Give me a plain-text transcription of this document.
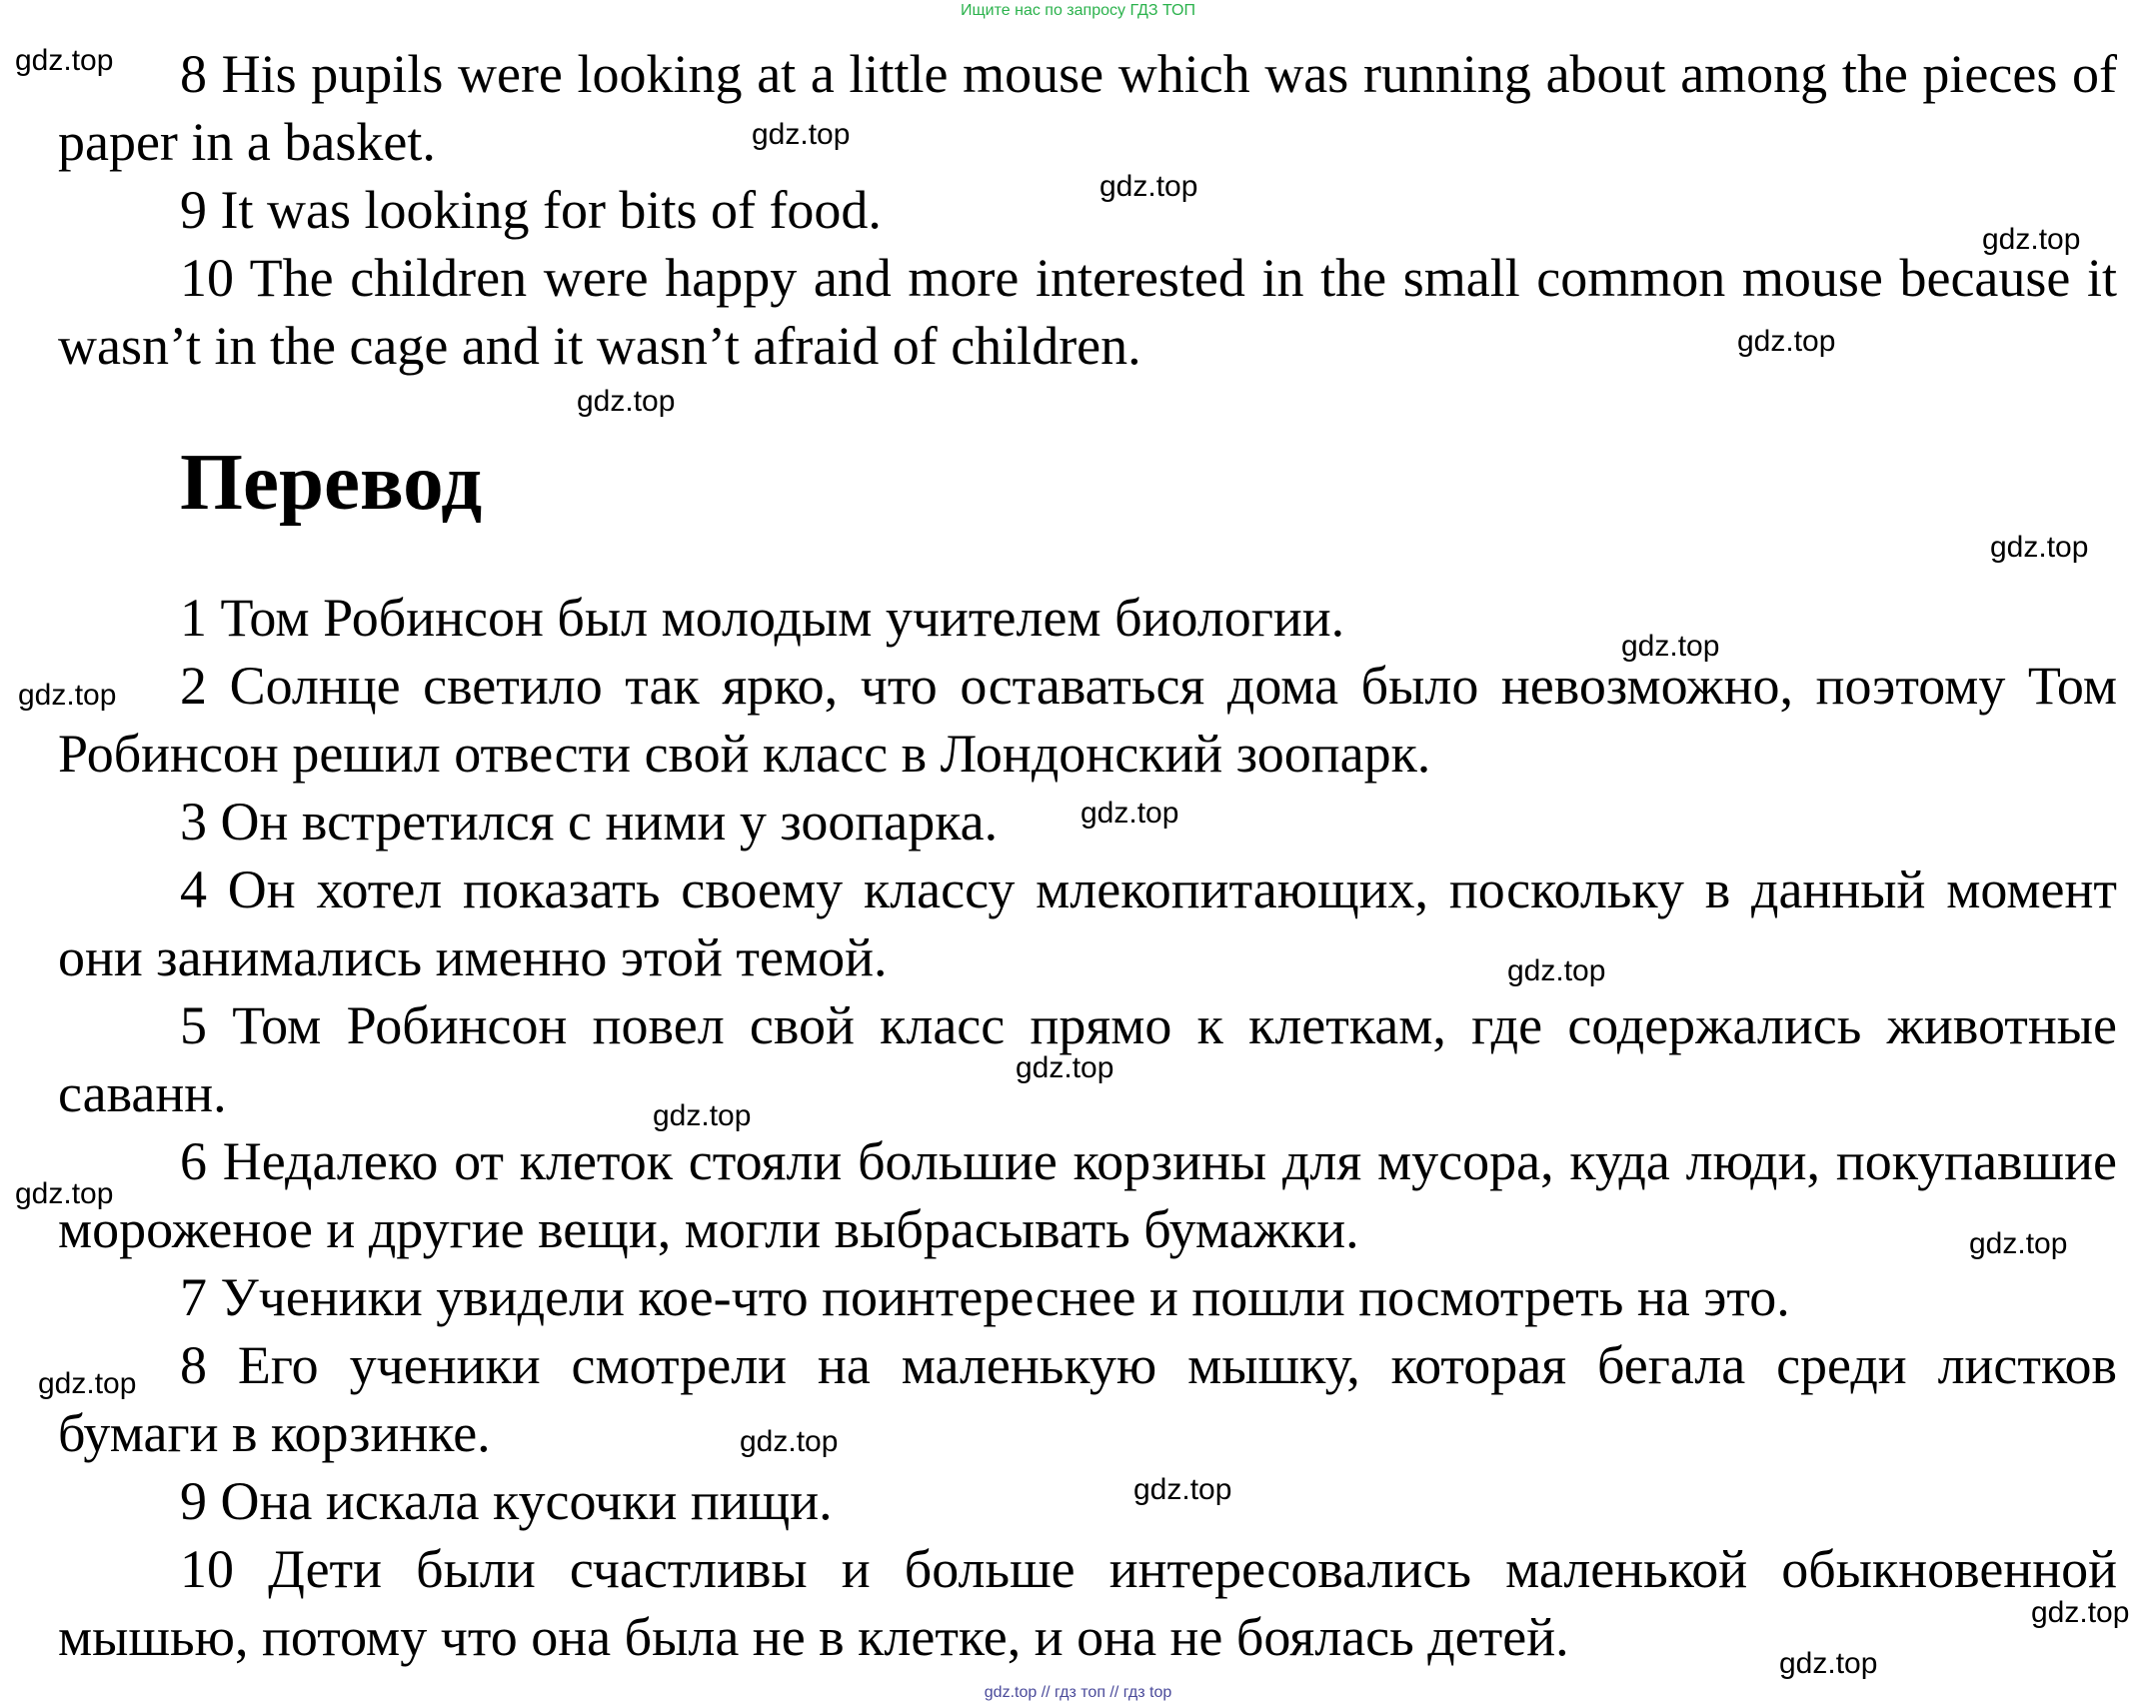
Ищите нас по запросу ГДЗ ТОП

8 His pupils were looking at a little mouse which was running about among the pieces of paper in a basket.

9 It was looking for bits of food.

10 The children were happy and more interested in the small common mouse because it wasn’t in the cage and it wasn’t afraid of children.

Перевод

1 Том Робинсон был молодым учителем биологии.

2 Солнце светило так ярко, что оставаться дома было невозможно, поэтому Том Робинсон решил отвести свой класс в Лондонский зоопарк.

3 Он встретился с ними у зоопарка.

4 Он хотел показать своему классу млекопитающих, поскольку в данный момент они занимались именно этой темой.

5 Том Робинсон повел свой класс прямо к клеткам, где содержались животные саванн.

6 Недалеко от клеток стояли большие корзины для мусора, куда люди, покупавшие мороженое и другие вещи, могли выбрасывать бумажки.

7 Ученики увидели кое-что поинтереснее и пошли посмотреть на это.

8 Его ученики смотрели на маленькую мышку, которая бегала среди листков бумаги в корзинке.

9 Она искала кусочки пищи.

10 Дети были счастливы и больше интересовались маленькой обыкновенной мышью, потому что она была не в клетке, и она не боялась детей.

gdz.top
gdz.top
gdz.top
gdz.top
gdz.top
gdz.top
gdz.top
gdz.top
gdz.top
gdz.top
gdz.top
gdz.top
gdz.top
gdz.top
gdz.top
gdz.top
gdz.top
gdz.top
gdz.top
gdz.top
gdz.top // гдз топ // гдз top
